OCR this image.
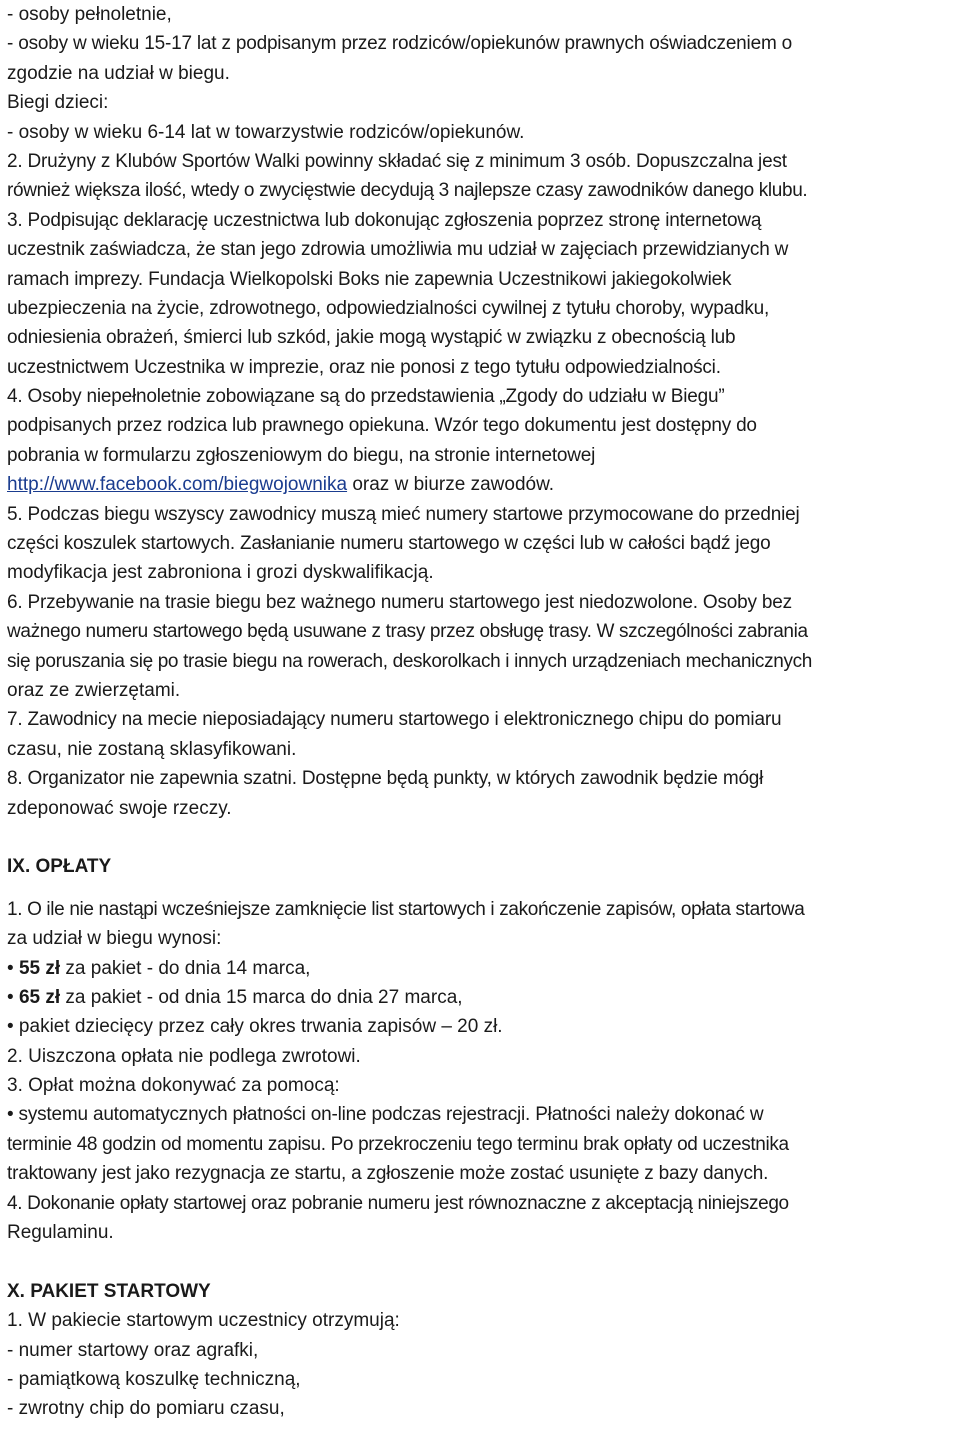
- osoby pełnoletnie,
- osoby w wieku 15-17 lat z podpisanym przez rodziców/opiekunów prawnych oświadczeniem o
zgodzie na udział w biegu.
Biegi dzieci:
- osoby w wieku 6-14 lat w towarzystwie rodziców/opiekunów.
2. Drużyny z Klubów Sportów Walki powinny składać się z minimum 3 osób. Dopuszczalna jest
również większa ilość, wtedy o zwycięstwie decydują 3 najlepsze czasy zawodników danego klubu.
3. Podpisując deklarację uczestnictwa lub dokonując zgłoszenia poprzez stronę internetową
uczestnik zaświadcza, że stan jego zdrowia umożliwia mu udział w zajęciach przewidzianych w
ramach imprezy. Fundacja Wielkopolski Boks nie zapewnia Uczestnikowi jakiegokolwiek
ubezpieczenia na życie, zdrowotnego, odpowiedzialności cywilnej z tytułu choroby, wypadku,
odniesienia obrażeń, śmierci lub szkód, jakie mogą wystąpić w związku z obecnością lub
uczestnictwem Uczestnika w imprezie, oraz nie ponosi z tego tytułu odpowiedzialności.
4. Osoby niepełnoletnie zobowiązane są do przedstawienia „Zgody do udziału w Biegu”
podpisanych przez rodzica lub prawnego opiekuna. Wzór tego dokumentu jest dostępny do
pobrania w formularzu zgłoszeniowym do biegu, na stronie internetowej
http://www.facebook.com/biegwojownika oraz w biurze zawodów.
5. Podczas biegu wszyscy zawodnicy muszą mieć numery startowe przymocowane do przedniej
części koszulek startowych. Zasłanianie numeru startowego w części lub w całości bądź jego
modyfikacja jest zabroniona i grozi dyskwalifikacją.
6. Przebywanie na trasie biegu bez ważnego numeru startowego jest niedozwolone. Osoby bez
ważnego numeru startowego będą usuwane z trasy przez obsługę trasy. W szczególności zabrania
się poruszania się po trasie biegu na rowerach, deskorolkach i innych urządzeniach mechanicznych
oraz ze zwierzętami.
7. Zawodnicy na mecie nieposiadający numeru startowego i elektronicznego chipu do pomiaru
czasu, nie zostaną sklasyfikowani.
8. Organizator nie zapewnia szatni. Dostępne będą punkty, w których zawodnik będzie mógł
zdeponować swoje rzeczy.
IX. OPŁATY
1. O ile nie nastąpi wcześniejsze zamknięcie list startowych i zakończenie zapisów, opłata startowa
za udział w biegu wynosi:
• 55 zł za pakiet - do dnia 14 marca,
• 65 zł za pakiet - od dnia 15 marca do dnia 27 marca,
• pakiet dziecięcy przez cały okres trwania zapisów – 20 zł.
2. Uiszczona opłata nie podlega zwrotowi.
3. Opłat można dokonywać za pomocą:
• systemu automatycznych płatności on-line podczas rejestracji. Płatności należy dokonać w
terminie 48 godzin od momentu zapisu. Po przekroczeniu tego terminu brak opłaty od uczestnika
traktowany jest jako rezygnacja ze startu, a zgłoszenie może zostać usunięte z bazy danych.
4. Dokonanie opłaty startowej oraz pobranie numeru jest równoznaczne z akceptacją niniejszego
Regulaminu.
X. PAKIET STARTOWY
1. W pakiecie startowym uczestnicy otrzymują:
- numer startowy oraz agrafki,
- pamiątkową koszulkę techniczną,
- zwrotny chip do pomiaru czasu,
